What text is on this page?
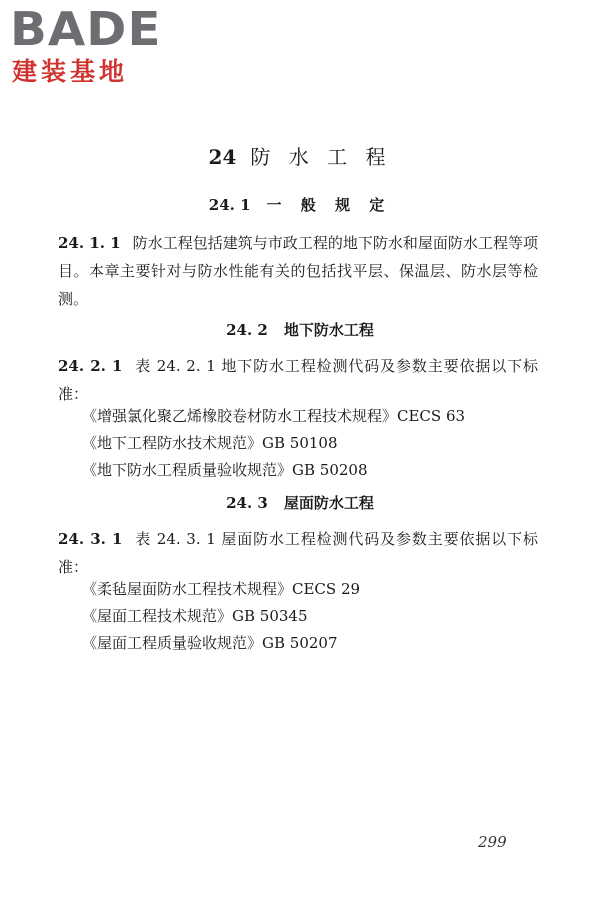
BADE
建装基地
24 防 水 工 程
24. 1 一 般 规 定
24. 1. 1 防水工程包括建筑与市政工程的地下防水和屋面防水工程等项目。本章主要针对与防水性能有关的包括找平层、保温层、防水层等检测。
24. 2 地下防水工程
24. 2. 1 表 24. 2. 1 地下防水工程检测代码及参数主要依据以下标准：
《增强氯化聚乙烯橡胶卷材防水工程技术规程》CECS 63
《地下工程防水技术规范》GB 50108
《地下防水工程质量验收规范》GB 50208
24. 3 屋面防水工程
24. 3. 1 表 24. 3. 1 屋面防水工程检测代码及参数主要依据以下标准：
《柔毡屋面防水工程技术规程》CECS 29
《屋面工程技术规范》GB 50345
《屋面工程质量验收规范》GB 50207
299
